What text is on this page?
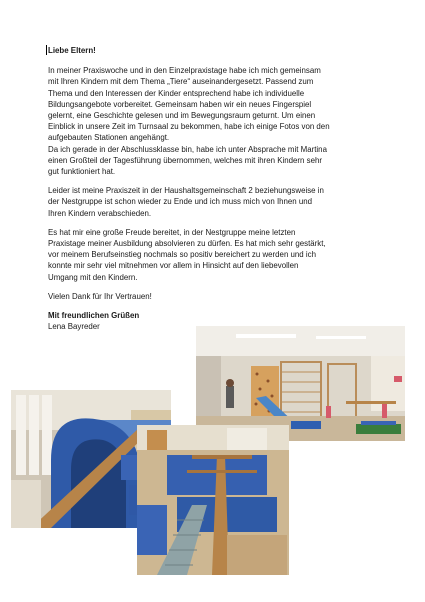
Liebe Eltern!

In meiner Praxiswoche und in den Einzelpraxistage habe ich mich gemeinsam
mit Ihren Kindern mit dem Thema „Tiere“ auseinandergesetzt. Passend zum
Thema und den Interessen der Kinder entsprechend habe ich individuelle
Bildungsangebote vorbereitet. Gemeinsam haben wir ein neues Fingerspiel
gelernt, eine Geschichte gelesen und im Bewegungsraum geturnt. Um einen
Einblick in unsere Zeit im Turnsaal zu bekommen, habe ich einige Fotos von den
aufgebauten Stationen angehängt.
Da ich gerade in der Abschlussklasse bin, habe ich unter Absprache mit Martina
einen Großteil der Tagesführung übernommen, welches mit ihren Kindern sehr
gut funktioniert hat.

Leider ist meine Praxiszeit in der Haushaltsgemeinschaft 2 beziehungsweise in
der Nestgruppe ist schon wieder zu Ende und ich muss mich von Ihnen und
Ihren Kindern verabschieden.

Es hat mir eine große Freude bereitet, in der Nestgruppe meine letzten
Praxistage meiner Ausbildung absolvieren zu dürfen. Es hat mich sehr gestärkt,
vor meinem Berufseinstieg nochmals so positiv bereichert zu werden und ich
konnte mir sehr viel mitnehmen vor allem in Hinsicht auf den liebevollen
Umgang mit den Kindern.

Vielen Dank für Ihr Vertrauen!

Mit freundlichen Grüßen

Lena Bayreder
